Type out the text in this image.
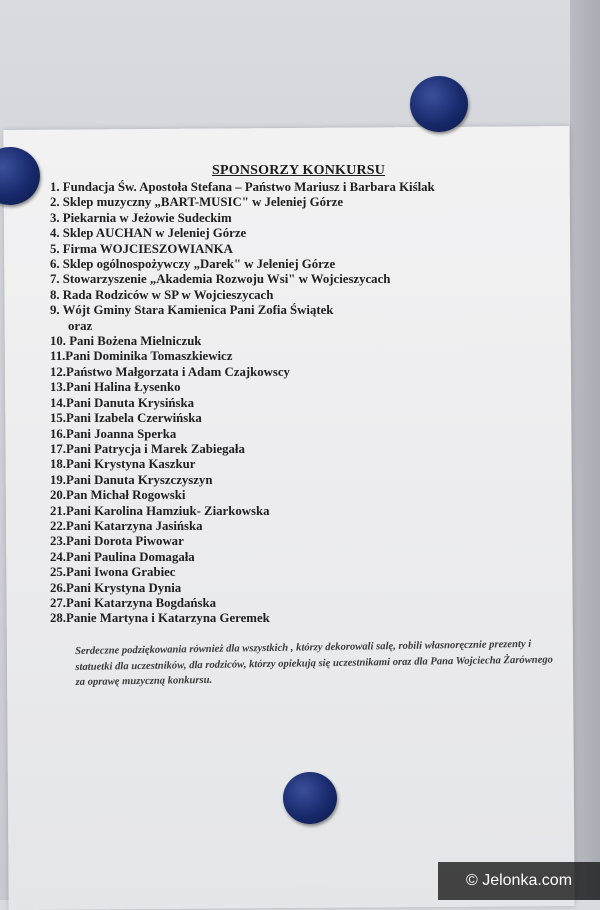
SPONSORZY KONKURSU
1. Fundacja Św. Apostoła Stefana – Państwo Mariusz i Barbara Kiślak
2. Sklep muzyczny „BART-MUSIC" w Jeleniej Górze
3. Piekarnia w Jeżowie Sudeckim
4. Sklep AUCHAN w Jeleniej Górze
5. Firma WOJCIESZOWIANKA
6. Sklep ogólnospożywczy „Darek" w Jeleniej Górze
7. Stowarzyszenie „Akademia Rozwoju Wsi" w Wojcieszycach
8. Rada Rodziców w SP w Wojcieszycach
9. Wójt Gminy Stara Kamienica Pani Zofia Świątek
oraz
10. Pani Bożena Mielniczuk
11.Pani Dominika Tomaszkiewicz
12.Państwo Małgorzata i Adam Czajkowscy
13.Pani Halina Łysenko
14.Pani Danuta Krysińska
15.Pani Izabela Czerwińska
16.Pani Joanna Sperka
17.Pani Patrycja i Marek Zabiegała
18.Pani Krystyna Kaszkur
19.Pani Danuta Kryszczyszyn
20.Pan Michał Rogowski
21.Pani Karolina Hamziuk- Ziarkowska
22.Pani Katarzyna Jasińska
23.Pani Dorota Piwowar
24.Pani Paulina Domagała
25.Pani Iwona Grabiec
26.Pani Krystyna Dynia
27.Pani Katarzyna Bogdańska
28.Panie Martyna i Katarzyna Geremek
Serdeczne podziękowania również dla wszystkich , którzy dekorowali salę, robili własnoręcznie prezenty i statuetki dla uczestników, dla rodziców, którzy opiekują się uczestnikami oraz dla Pana Wojciecha Żarównego za oprawę muzyczną konkursu.
© Jelonka.com
